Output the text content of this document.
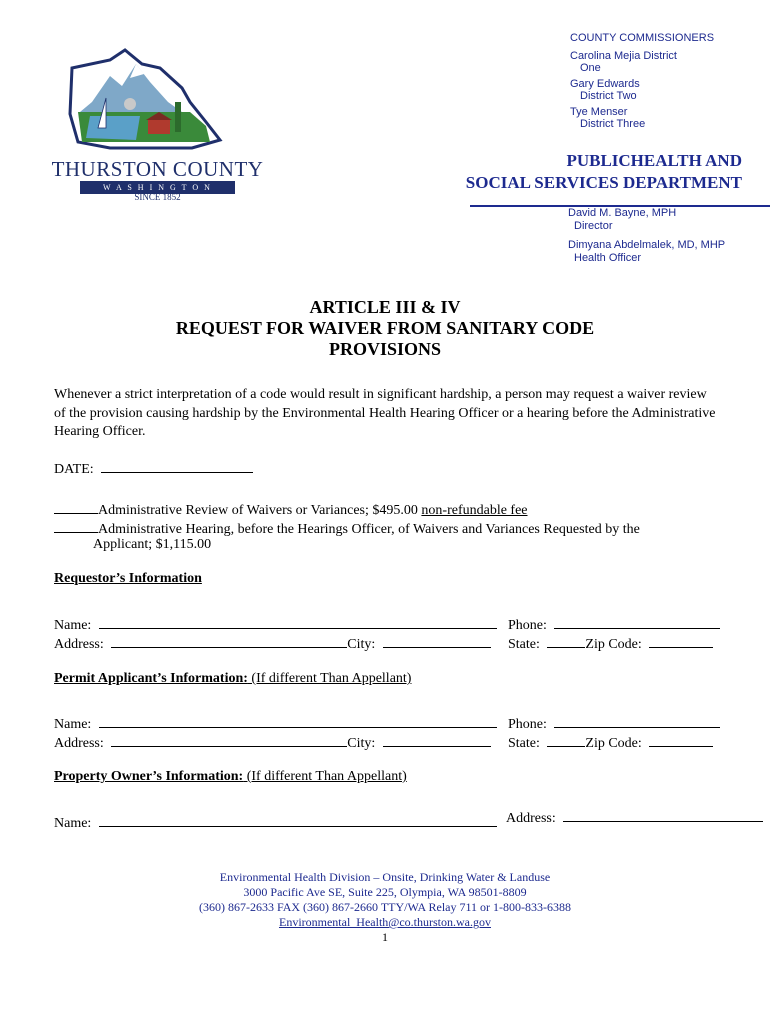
THURSTON COUNTY
W A S H I N G T O N
SINCE 1852
COUNTY COMMISSIONERS
Carolina Mejia District
One
Gary Edwards
District Two
Tye Menser
District Three
PUBLICHEALTH AND
SOCIAL SERVICES DEPARTMENT
David M. Bayne, MPH
Director
Dimyana Abdelmalek, MD, MHP
Health Officer
ARTICLE III & IV
REQUEST FOR WAIVER FROM SANITARY CODE
PROVISIONS
Whenever a strict interpretation of a code would result in significant hardship, a person may request a waiver review of the provision causing hardship by the Environmental Health Hearing Officer or a hearing before the Administrative Hearing Officer.
DATE:
Administrative Review of Waivers or Variances; $495.00 non-refundable fee
Administrative Hearing, before the Hearings Officer, of Waivers and Variances Requested by the
Applicant; $1,115.00
Requestor’s Information
Name:	Phone:
Address:	City:	State:	Zip Code:
Permit Applicant’s Information: (If different Than Appellant)
Name:	Phone:
Address:	City:	State:	Zip Code:
Property Owner’s Information: (If different Than Appellant)
Name:	Address:
Environmental Health Division – Onsite, Drinking Water & Landuse
3000 Pacific Ave SE, Suite 225, Olympia, WA 98501-8809
(360) 867-2633 FAX (360) 867-2660 TTY/WA Relay 711 or 1-800-833-6388
Environmental_Health@co.thurston.wa.gov
1
